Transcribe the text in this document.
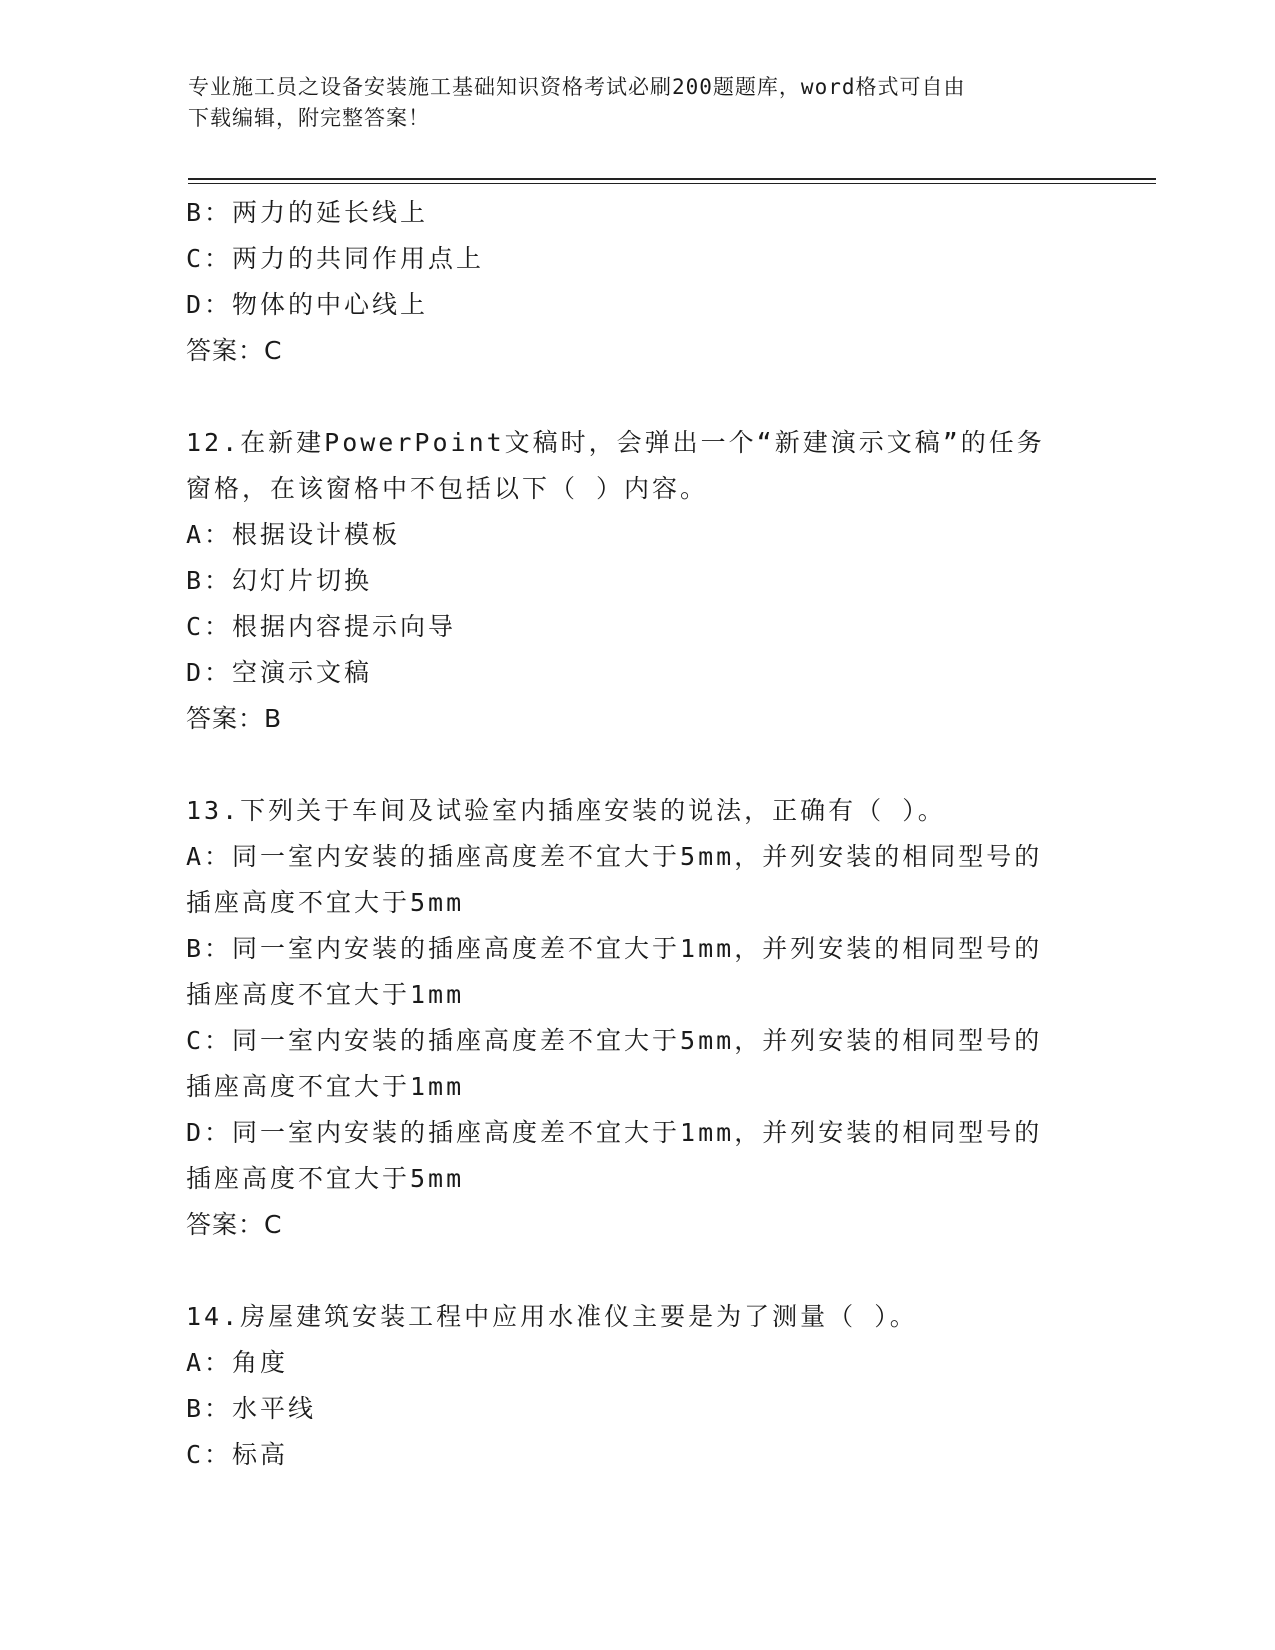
专业施工员之设备安装施工基础知识资格考试必刷200题题库，word格式可自由
下载编辑，附完整答案！
B：两力的延长线上
C：两力的共同作用点上
D：物体的中心线上
答案：C
12.在新建PowerPoint文稿时，会弹出一个“新建演示文稿”的任务
窗格，在该窗格中不包括以下（ ）内容。
A：根据设计模板
B：幻灯片切换
C：根据内容提示向导
D：空演示文稿
答案：B
13.下列关于车间及试验室内插座安装的说法，正确有（ ）。
A：同一室内安装的插座高度差不宜大于5mm，并列安装的相同型号的
插座高度不宜大于5mm
B：同一室内安装的插座高度差不宜大于1mm，并列安装的相同型号的
插座高度不宜大于1mm
C：同一室内安装的插座高度差不宜大于5mm，并列安装的相同型号的
插座高度不宜大于1mm
D：同一室内安装的插座高度差不宜大于1mm，并列安装的相同型号的
插座高度不宜大于5mm
答案：C
14.房屋建筑安装工程中应用水准仪主要是为了测量（ ）。
A：角度
B：水平线
C：标高
